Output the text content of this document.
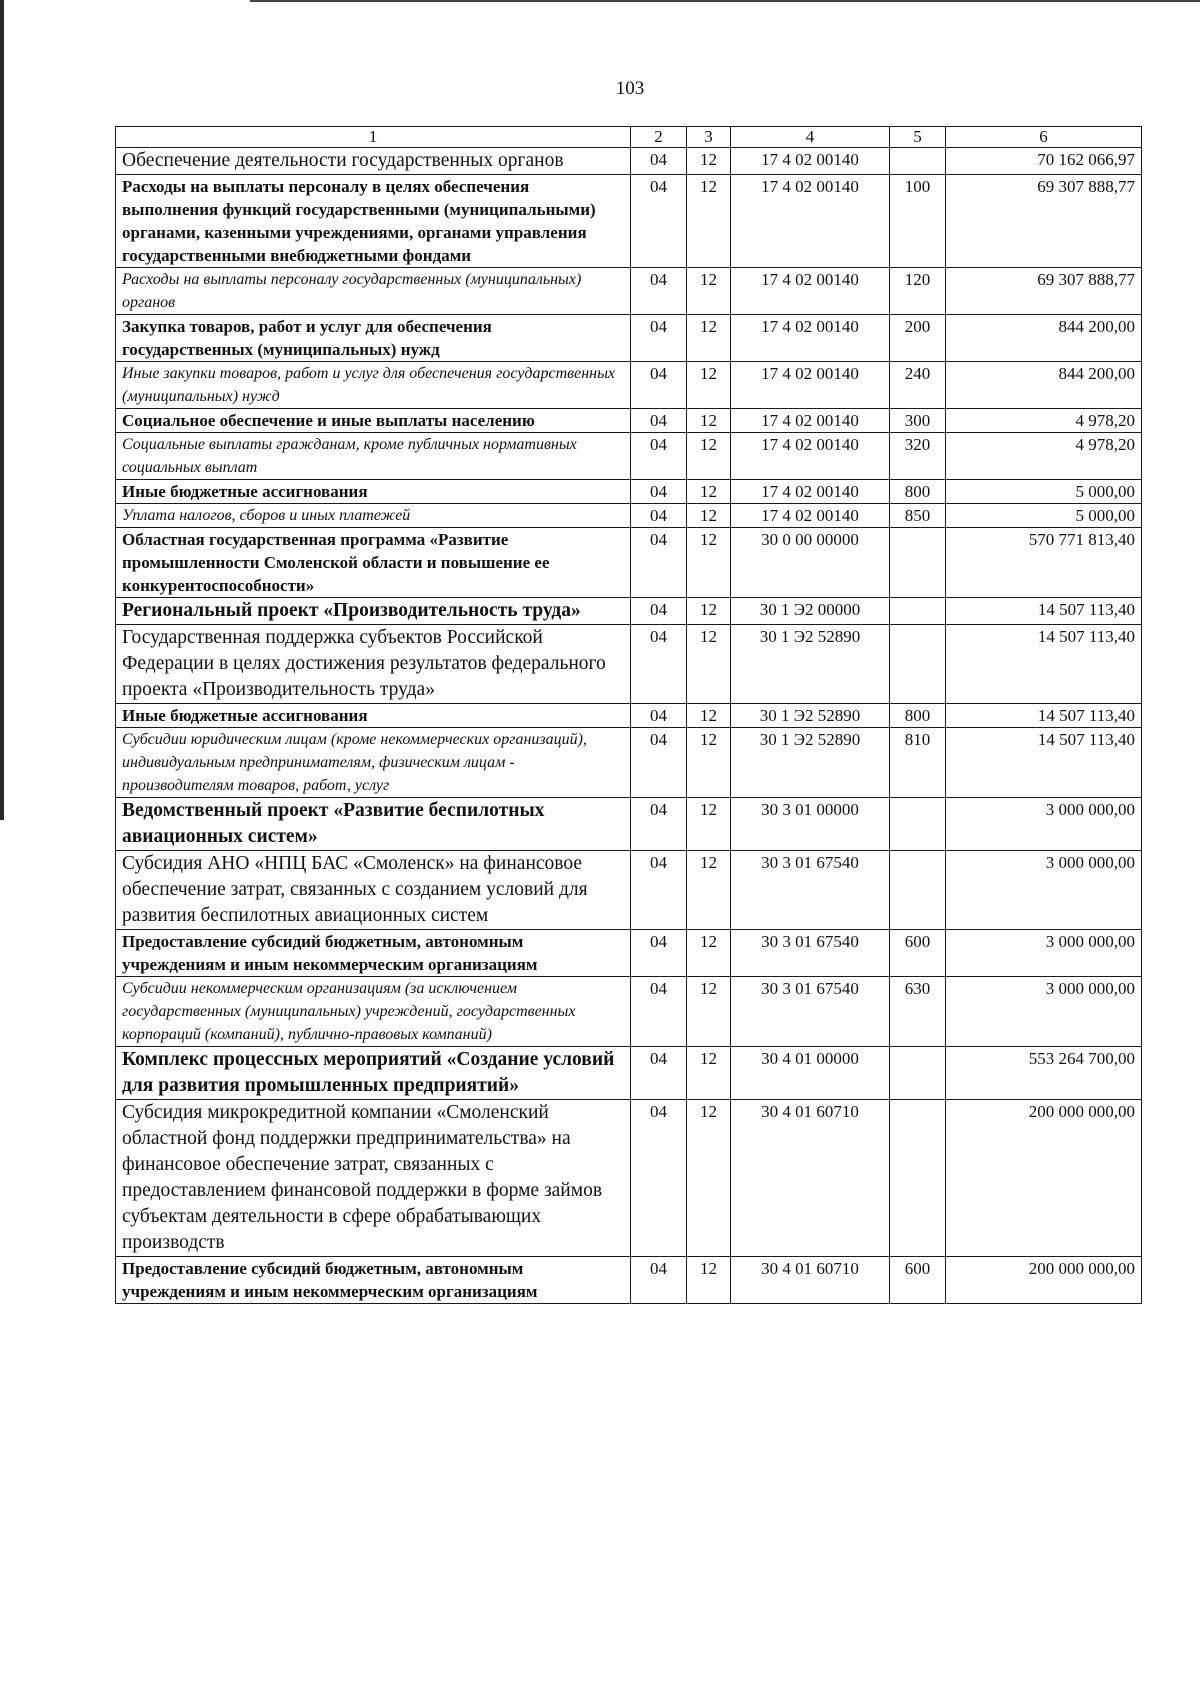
103
1	2	3	4	5	6
Обеспечение деятельности государственных органов	04	12	17 4 02 00140		70 162 066,97
Расходы на выплаты персоналу в целях обеспечения выполнения функций государственными (муниципальными) органами, казенными учреждениями, органами управления государственными внебюджетными фондами	04	12	17 4 02 00140	100	69 307 888,77
Расходы на выплаты персоналу государственных (муниципальных) органов	04	12	17 4 02 00140	120	69 307 888,77
Закупка товаров, работ и услуг для обеспечения государственных (муниципальных) нужд	04	12	17 4 02 00140	200	844 200,00
Иные закупки товаров, работ и услуг для обеспечения государственных (муниципальных) нужд	04	12	17 4 02 00140	240	844 200,00
Социальное обеспечение и иные выплаты населению	04	12	17 4 02 00140	300	4 978,20
Социальные выплаты гражданам, кроме публичных нормативных социальных выплат	04	12	17 4 02 00140	320	4 978,20
Иные бюджетные ассигнования	04	12	17 4 02 00140	800	5 000,00
Уплата налогов, сборов и иных платежей	04	12	17 4 02 00140	850	5 000,00
Областная государственная программа «Развитие промышленности Смоленской области и повышение ее конкурентоспособности»	04	12	30 0 00 00000		570 771 813,40
Региональный проект «Производительность труда»	04	12	30 1 Э2 00000		14 507 113,40
Государственная поддержка субъектов Российской Федерации в целях достижения результатов федерального проекта «Производительность труда»	04	12	30 1 Э2 52890		14 507 113,40
Иные бюджетные ассигнования	04	12	30 1 Э2 52890	800	14 507 113,40
Субсидии юридическим лицам (кроме некоммерческих организаций), индивидуальным предпринимателям, физическим лицам - производителям товаров, работ, услуг	04	12	30 1 Э2 52890	810	14 507 113,40
Ведомственный проект «Развитие беспилотных авиационных систем»	04	12	30 3 01 00000		3 000 000,00
Субсидия АНО «НПЦ БАС «Смоленск» на финансовое обеспечение затрат, связанных с созданием условий для развития беспилотных авиационных систем	04	12	30 3 01 67540		3 000 000,00
Предоставление субсидий бюджетным, автономным учреждениям и иным некоммерческим организациям	04	12	30 3 01 67540	600	3 000 000,00
Субсидии некоммерческим организациям (за исключением государственных (муниципальных) учреждений, государственных корпораций (компаний), публично-правовых компаний)	04	12	30 3 01 67540	630	3 000 000,00
Комплекс процессных мероприятий «Создание условий для развития промышленных предприятий»	04	12	30 4 01 00000		553 264 700,00
Субсидия микрокредитной компании «Смоленский областной фонд поддержки предпринимательства» на финансовое обеспечение затрат, связанных с предоставлением финансовой поддержки в форме займов субъектам деятельности в сфере обрабатывающих производств	04	12	30 4 01 60710		200 000 000,00
Предоставление субсидий бюджетным, автономным учреждениям и иным некоммерческим организациям	04	12	30 4 01 60710	600	200 000 000,00
